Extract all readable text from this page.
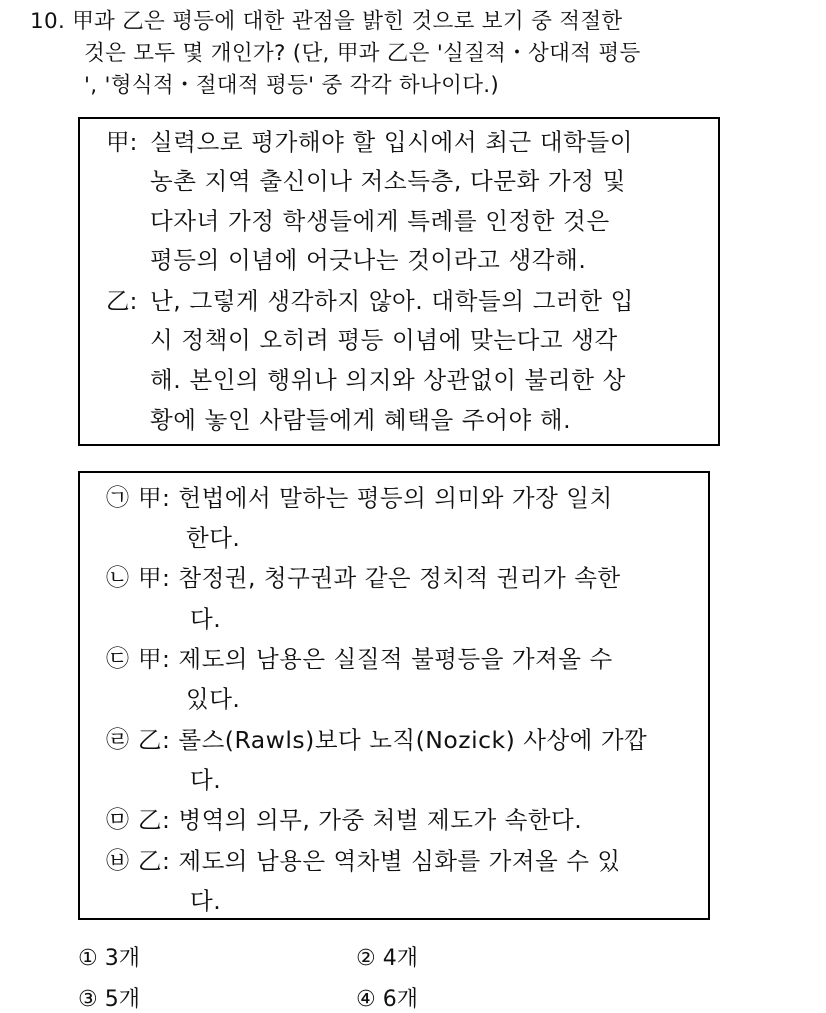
10. 甲과 乙은 평등에 대한 관점을 밝힌 것으로 보기 중 적절한
것은 모두 몇 개인가? (단, 甲과 乙은 '실질적・상대적 평등
', '형식적・절대적 평등' 중 각각 하나이다.)
甲: 실력으로 평가해야 할 입시에서 최근 대학들이
농촌 지역 출신이나 저소득층, 다문화 가정 및
다자녀 가정 학생들에게 특례를 인정한 것은
평등의 이념에 어긋나는 것이라고 생각해.
乙: 난, 그렇게 생각하지 않아. 대학들의 그러한 입
시 정책이 오히려 평등 이념에 맞는다고 생각
해. 본인의 행위나 의지와 상관없이 불리한 상
황에 놓인 사람들에게 혜택을 주어야 해.
㉠ 甲: 헌법에서 말하는 평등의 의미와 가장 일치
한다.
㉡ 甲: 참정권, 청구권과 같은 정치적 권리가 속한
다.
㉢ 甲: 제도의 남용은 실질적 불평등을 가져올 수
있다.
㉣ 乙: 롤스(Rawls)보다 노직(Nozick) 사상에 가깝
다.
㉤ 乙: 병역의 의무, 가중 처벌 제도가 속한다.
㉥ 乙: 제도의 남용은 역차별 심화를 가져올 수 있
다.
① 3개	② 4개
③ 5개	④ 6개
